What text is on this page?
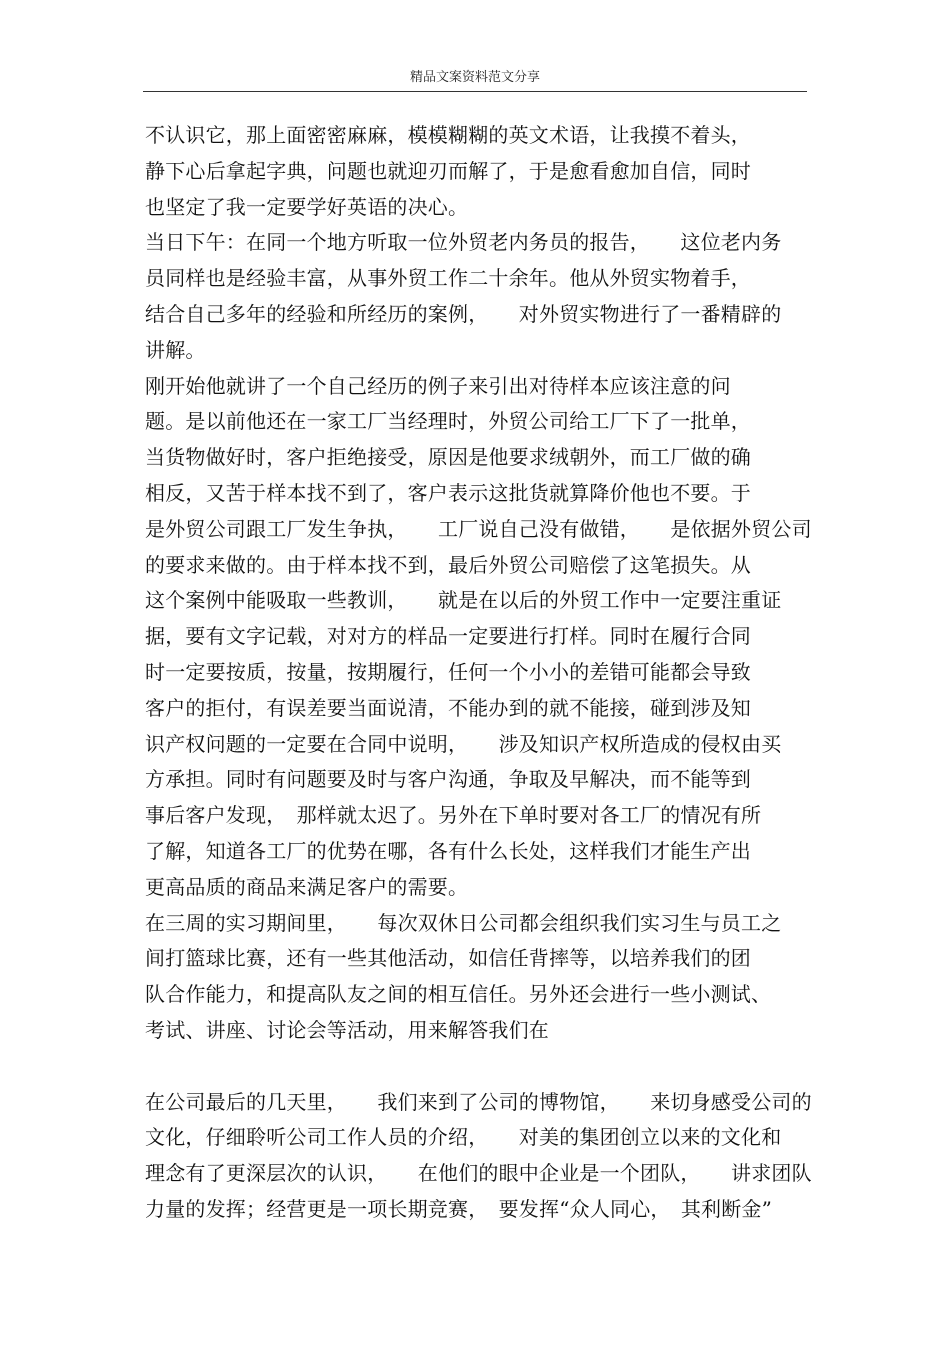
精品文案资料范文分享
不认识它，那上面密密麻麻，模模糊糊的英文术语，让我摸不着头，
静下心后拿起字典，问题也就迎刃而解了，于是愈看愈加自信，同时
也坚定了我一定要学好英语的决心。
当日下午：在同一个地方听取一位外贸老内务员的报告，　　这位老内务
员同样也是经验丰富，从事外贸工作二十余年。他从外贸实物着手，
结合自己多年的经验和所经历的案例，　　对外贸实物进行了一番精辟的
讲解。
刚开始他就讲了一个自己经历的例子来引出对待样本应该注意的问
题。是以前他还在一家工厂当经理时，外贸公司给工厂下了一批单，
当货物做好时，客户拒绝接受，原因是他要求绒朝外，而工厂做的确
相反，又苦于样本找不到了，客户表示这批货就算降价他也不要。于
是外贸公司跟工厂发生争执，　　工厂说自己没有做错，　　是依据外贸公司
的要求来做的。由于样本找不到，最后外贸公司赔偿了这笔损失。从
这个案例中能吸取一些教训，　　就是在以后的外贸工作中一定要注重证
据，要有文字记载，对对方的样品一定要进行打样。同时在履行合同
时一定要按质，按量，按期履行，任何一个小小的差错可能都会导致
客户的拒付，有误差要当面说清，不能办到的就不能接，碰到涉及知
识产权问题的一定要在合同中说明，　　涉及知识产权所造成的侵权由买
方承担。同时有问题要及时与客户沟通，争取及早解决，而不能等到
事后客户发现，　那样就太迟了。另外在下单时要对各工厂的情况有所
了解，知道各工厂的优势在哪，各有什么长处，这样我们才能生产出
更高品质的商品来满足客户的需要。
在三周的实习期间里，　　每次双休日公司都会组织我们实习生与员工之
间打篮球比赛，还有一些其他活动，如信任背摔等，以培养我们的团
队合作能力，和提高队友之间的相互信任。另外还会进行一些小测试、
考试、讲座、讨论会等活动，用来解答我们在
在公司最后的几天里，　　我们来到了公司的博物馆，　　来切身感受公司的
文化，仔细聆听公司工作人员的介绍，　　对美的集团创立以来的文化和
理念有了更深层次的认识，　　在他们的眼中企业是一个团队，　　讲求团队
力量的发挥；经营更是一项长期竞赛，　要发挥“众人同心，　其利断金”
